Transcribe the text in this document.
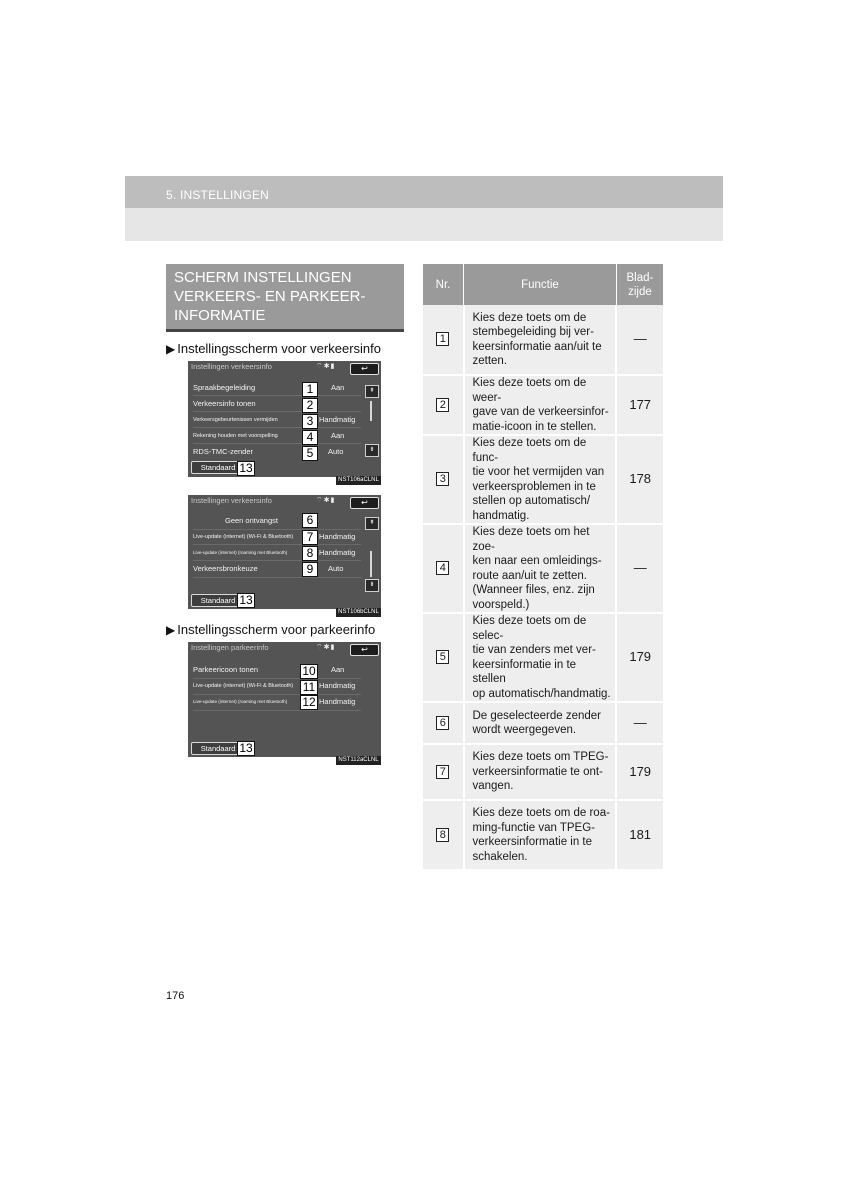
5. INSTELLINGEN
SCHERM INSTELLINGEN
VERKEERS- EN PARKEER-
INFORMATIE
▶ Instellingsscherm voor verkeersinfo
Instellingen verkeersinfo	⌔✱▮	↩
Spraakbegeleiding	Aan
Verkeersinfo tonen
Verkeersgebeurtenissen vermijden	Handmatig
Rekening houden met voorspelling	Aan
RDS-TMC-zender	Auto
1
2
3
4
5
⇞
⇟
Standaard 13
NST106aCLNL
Instellingen verkeersinfo	⌔✱▮	↩
Geen ontvangst
Live-update (internet) (Wi-Fi & Bluetooth)	Handmatig
Live-update (internet) (roaming met Bluetooth)	Handmatig
Verkeersbronkeuze	Auto
6
7
8
9
⇞
⇟
Standaard 13
NST106bCLNL
▶ Instellingsscherm voor parkeerinfo
Instellingen parkeerinfo	⌔✱▮	↩
Parkeericoon tonen	Aan
Live-update (internet) (Wi-Fi & Bluetooth)	Handmatig
Live-update (internet) (roaming met Bluetooth)	Handmatig
10
11
12
Standaard 13
NST112aCLNL
Nr.	Functie	Blad-
zijde

1	Kies deze toets om de
stembegeleiding bij ver-
keersinformatie aan/uit te
zetten.	—
2	Kies deze toets om de weer-
gave van de verkeersinfor-
matie-icoon in te stellen.	177
3	Kies deze toets om de func-
tie voor het vermijden van
verkeersproblemen in te
stellen op automatisch/
handmatig.	178
4	Kies deze toets om het zoe-
ken naar een omleidings-
route aan/uit te zetten.
(Wanneer files, enz. zijn
voorspeld.)	—
5	Kies deze toets om de selec-
tie van zenders met ver-
keersinformatie in te stellen
op automatisch/handmatig.	179
6	De geselecteerde zender
wordt weergegeven.	—
7	Kies deze toets om TPEG-
verkeersinformatie te ont-
vangen.	179
8	Kies deze toets om de roa-
ming-functie van TPEG-
verkeersinformatie in te
schakelen.	181
176
